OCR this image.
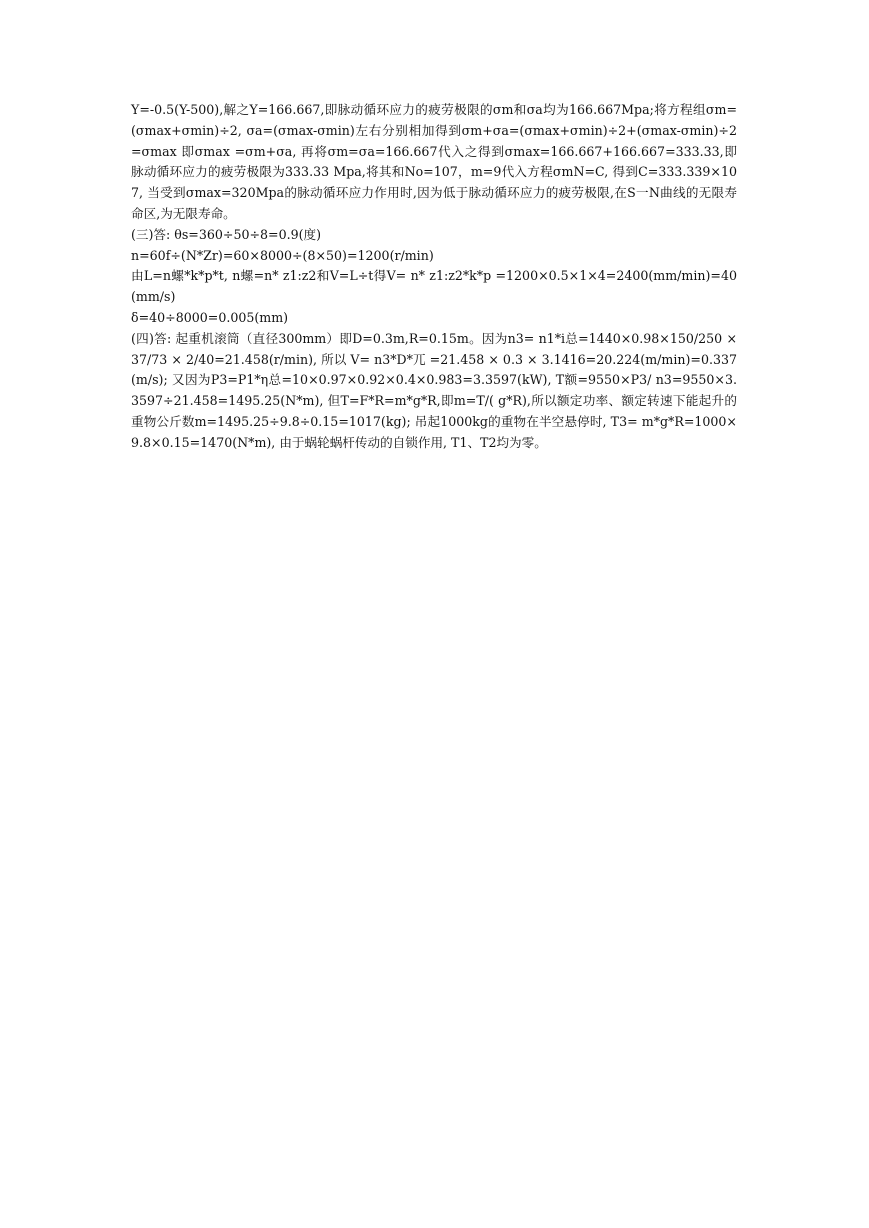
Y=-0.5(Y-500),解之Y=166.667,即脉动循环应力的疲劳极限的σm和σa均为166.667Mpa;将方程组σm=(σmax+σmin)÷2, σa=(σmax-σmin)左右分别相加得到σm+σa=(σmax+σmin)÷2+(σmax-σmin)÷2=σmax 即σmax =σm+σa, 再将σm=σa=166.667代入之得到σmax=166.667+166.667=333.33,即脉动循环应力的疲劳极限为333.33 Mpa,将其和No=107，m=9代入方程σmN=C, 得到C=333.339×107, 当受到σmax=320Mpa的脉动循环应力作用时,因为低于脉动循环应力的疲劳极限,在S一N曲线的无限寿命区,为无限寿命。

(三)答: θs=360÷50÷8=0.9(度)

n=60f÷(N*Zr)=60×8000÷(8×50)=1200(r/min)

由L=n螺*k*p*t, n螺=n* z1:z2和V=L÷t得V= n* z1:z2*k*p =1200×0.5×1×4=2400(mm/min)=40(mm/s)

δ=40÷8000=0.005(mm)

(四)答: 起重机滚筒（直径300mm）即D=0.3m,R=0.15m。因为n3= n1*i总=1440×0.98×150/250 × 37/73 × 2/40=21.458(r/min), 所以 V= n3*D*兀 =21.458 × 0.3 × 3.1416=20.224(m/min)=0.337(m/s); 又因为P3=P1*η总=10×0.97×0.92×0.4×0.983=3.3597(kW), T额=9550×P3/ n3=9550×3.3597÷21.458=1495.25(N*m), 但T=F*R=m*g*R,即m=T/( g*R),所以额定功率、额定转速下能起升的重物公斤数m=1495.25÷9.8÷0.15=1017(kg); 吊起1000kg的重物在半空悬停时, T3= m*g*R=1000×9.8×0.15=1470(N*m), 由于蜗轮蜗杆传动的自锁作用, T1、T2均为零。
